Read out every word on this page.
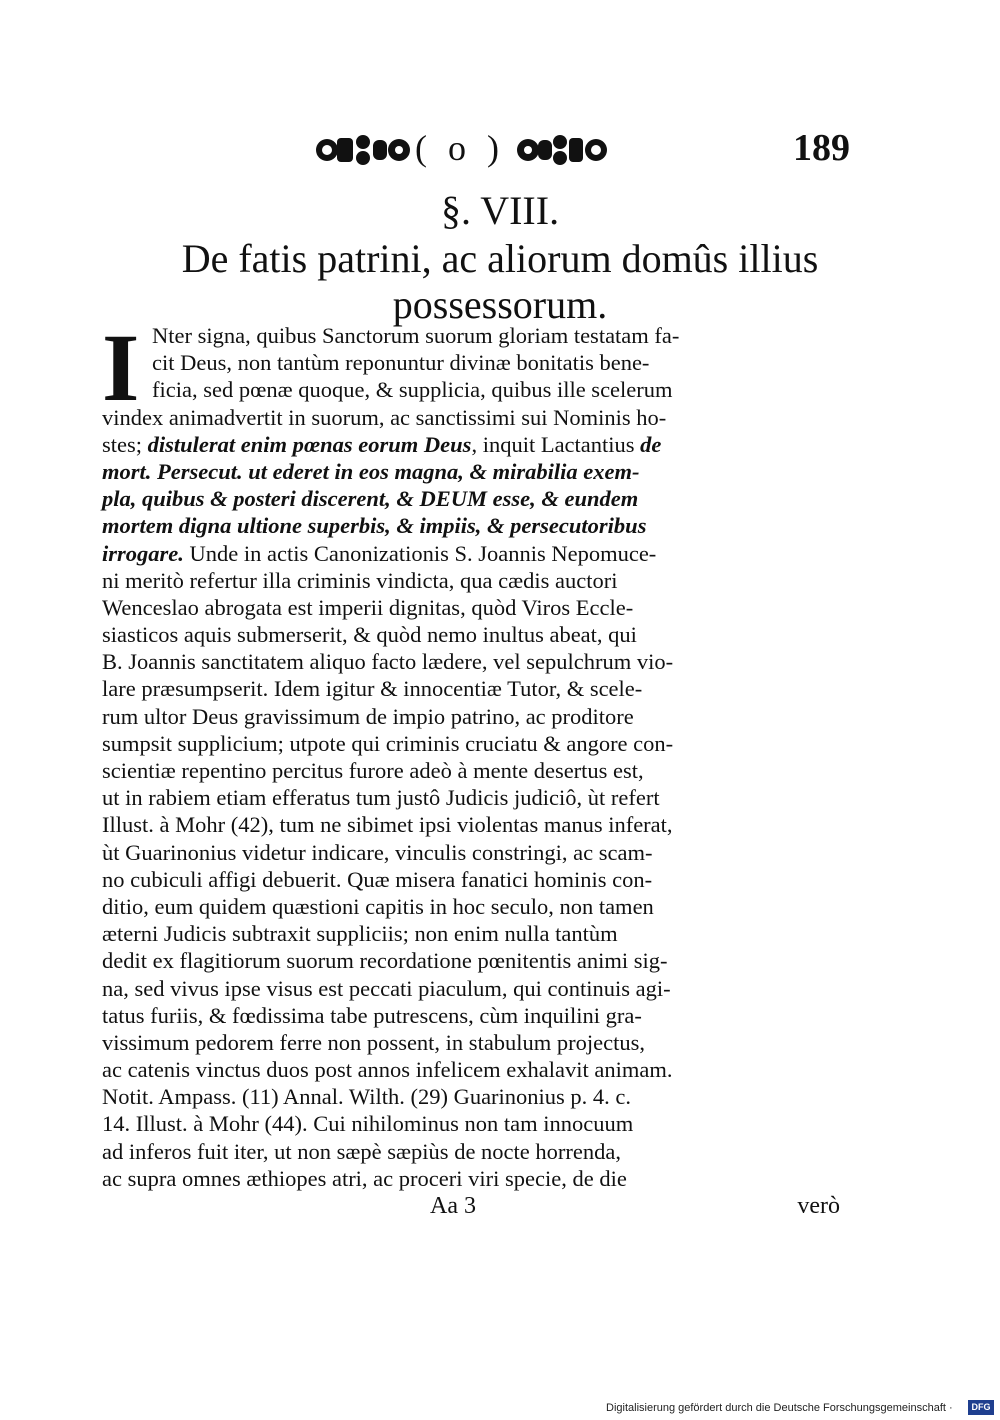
( o )	189
§. VIII.
De fatis patrini, ac aliorum domûs illius
possessorum.
I Nter signa, quibus Sanctorum suorum gloriam testatam fa-
cit Deus, non tantùm reponuntur divinæ bonitatis bene-
ficia, sed pœnæ quoque, & supplicia, quibus ille scelerum
vindex animadvertit in suorum, ac sanctissimi sui Nominis ho-
stes; distulerat enim pœnas eorum Deus, inquit Lactantius de
mort. Persecut. ut ederet in eos magna, & mirabilia exem-
pla, quibus & posteri discerent, & DEUM esse, & eundem
mortem digna ultione superbis, & impiis, & persecutoribus
irrogare. Unde in actis Canonizationis S. Joannis Nepomuce-
ni meritò refertur illa criminis vindicta, qua cædis auctori
Wenceslao abrogata est imperii dignitas, quòd Viros Eccle-
siasticos aquis submerserit, & quòd nemo inultus abeat, qui
B. Joannis sanctitatem aliquo facto lædere, vel sepulchrum vio-
lare præsumpserit. Idem igitur & innocentiæ Tutor, & scele-
rum ultor Deus gravissimum de impio patrino, ac proditore
sumpsit supplicium; utpote qui criminis cruciatu & angore con-
scientiæ repentino percitus furore adeò à mente desertus est,
ut in rabiem etiam efferatus tum justô Judicis judiciô, ùt refert
Illust. à Mohr (42), tum ne sibimet ipsi violentas manus inferat,
ùt Guarinonius videtur indicare, vinculis constringi, ac scam-
no cubiculi affigi debuerit. Quæ misera fanatici hominis con-
ditio, eum quidem quæstioni capitis in hoc seculo, non tamen
æterni Judicis subtraxit suppliciis; non enim nulla tantùm
dedit ex flagitiorum suorum recordatione pœnitentis animi sig-
na, sed vivus ipse visus est peccati piaculum, qui continuis agi-
tatus furiis, & fœdissima tabe putrescens, cùm inquilini gra-
vissimum pedorem ferre non possent, in stabulum projectus,
ac catenis vinctus duos post annos infelicem exhalavit animam.
Notit. Ampass. (11) Annal. Wilth. (29) Guarinonius p. 4. c.
14. Illust. à Mohr (44). Cui nihilominus non tam innocuum
ad inferos fuit iter, ut non sæpè sæpiùs de nocte horrenda,
ac supra omnes æthiopes atri, ac proceri viri specie, de die
Aa 3	verò
Digitalisierung gefördert durch die Deutsche Forschungsgemeinschaft ·	DFG
